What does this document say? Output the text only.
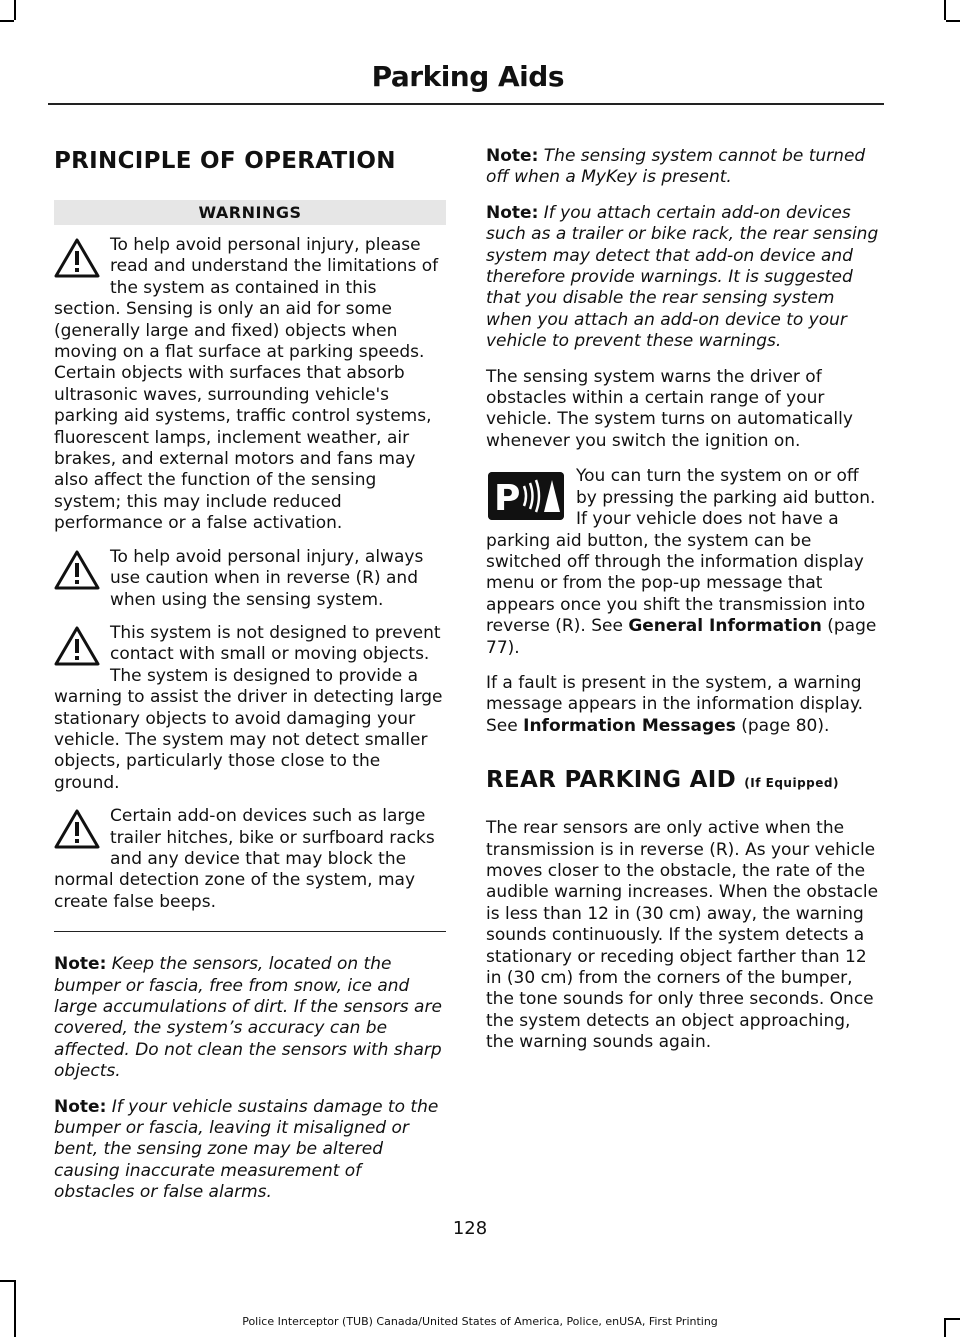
Parking Aids
PRINCIPLE OF OPERATION
WARNINGS
To help avoid personal injury, please read and understand the limitations of the system as contained in this section. Sensing is only an aid for some (generally large and fixed) objects when moving on a flat surface at parking speeds. Certain objects with surfaces that absorb ultrasonic waves, surrounding vehicle's parking aid systems, traffic control systems, fluorescent lamps, inclement weather, air brakes, and external motors and fans may also affect the function of the sensing system; this may include reduced performance or a false activation.
To help avoid personal injury, always use caution when in reverse (R) and when using the sensing system.
This system is not designed to prevent contact with small or moving objects. The system is designed to provide a warning to assist the driver in detecting large stationary objects to avoid damaging your vehicle. The system may not detect smaller objects, particularly those close to the ground.
Certain add-on devices such as large trailer hitches, bike or surfboard racks and any device that may block the normal detection zone of the system, may create false beeps.

Note: Keep the sensors, located on the bumper or fascia, free from snow, ice and large accumulations of dirt. If the sensors are covered, the system’s accuracy can be affected. Do not clean the sensors with sharp objects.

Note: If your vehicle sustains damage to the bumper or fascia, leaving it misaligned or bent, the sensing zone may be altered causing inaccurate measurement of obstacles or false alarms.

Note: The sensing system cannot be turned off when a MyKey is present.

Note: If you attach certain add-on devices such as a trailer or bike rack, the rear sensing system may detect that add-on device and therefore provide warnings. It is suggested that you disable the rear sensing system when you attach an add-on device to your vehicle to prevent these warnings.

The sensing system warns the driver of obstacles within a certain range of your vehicle. The system turns on automatically whenever you switch the ignition on.

P
You can turn the system on or off by pressing the parking aid button. If your vehicle does not have a parking aid button, the system can be switched off through the information display menu or from the pop-up message that appears once you shift the transmission into reverse (R). See General Information (page 77).

If a fault is present in the system, a warning message appears in the information display. See Information Messages (page 80).

REAR PARKING AID (If Equipped)

The rear sensors are only active when the transmission is in reverse (R). As your vehicle moves closer to the obstacle, the rate of the audible warning increases. When the obstacle is less than 12 in (30 cm) away, the warning sounds continuously. If the system detects a stationary or receding object farther than 12 in (30 cm) from the corners of the bumper, the tone sounds for only three seconds. Once the system detects an object approaching, the warning sounds again.

128
Police Interceptor (TUB) Canada/United States of America, Police, enUSA, First Printing
